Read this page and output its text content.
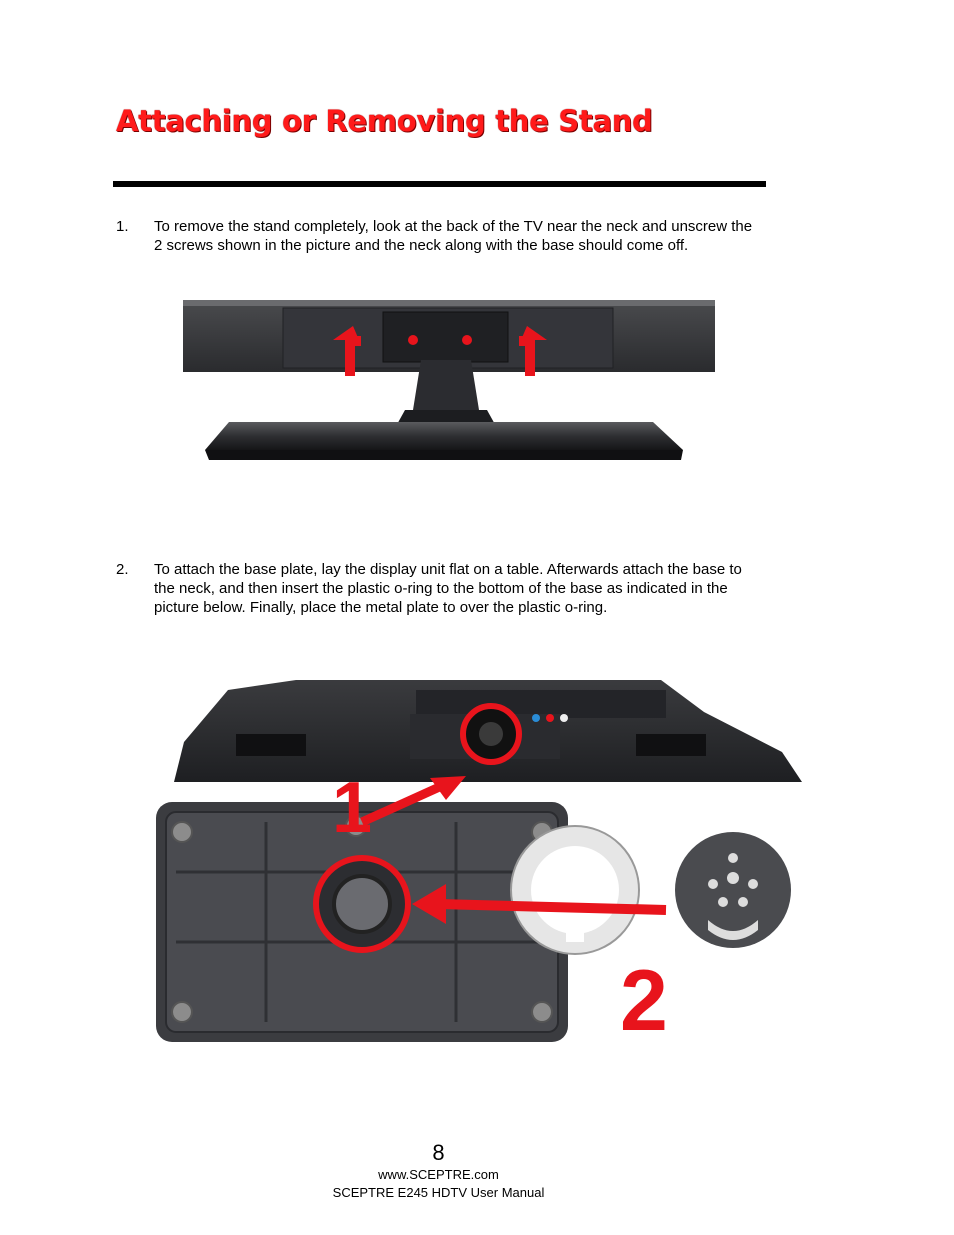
Attaching or Removing the Stand
1. To remove the stand completely, look at the back of the TV near the neck and unscrew the 2 screws shown in the picture and the neck along with the base should come off.
2. To attach the base plate, lay the display unit flat on a table. Afterwards attach the base to the neck, and then insert the plastic o-ring to the bottom of the base as indicated in the picture below. Finally, place the metal plate to over the plastic o-ring.
1
2
8
www.SCEPTRE.com
SCEPTRE E245 HDTV User Manual
